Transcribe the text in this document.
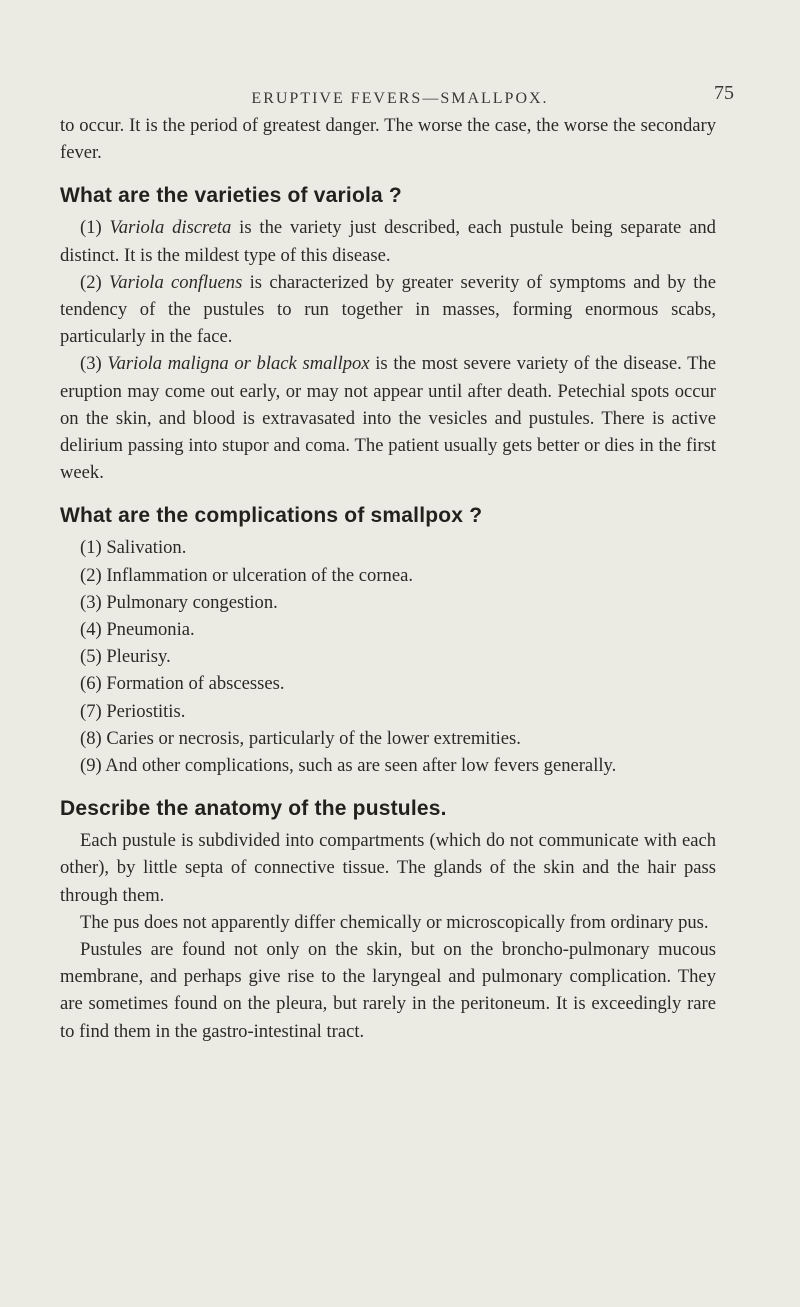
ERUPTIVE FEVERS—SMALLPOX.	75

to occur. It is the period of greatest danger. The worse the case, the worse the secondary fever.

What are the varieties of variola ?

(1) Variola discreta is the variety just described, each pustule being separate and distinct. It is the mildest type of this disease.

(2) Variola confluens is characterized by greater severity of symptoms and by the tendency of the pustules to run together in masses, forming enormous scabs, particularly in the face.

(3) Variola maligna or black smallpox is the most severe variety of the disease. The eruption may come out early, or may not appear until after death. Petechial spots occur on the skin, and blood is extravasated into the vesicles and pustules. There is active delirium passing into stupor and coma. The patient usually gets better or dies in the first week.

What are the complications of smallpox ?

(1) Salivation.

(2) Inflammation or ulceration of the cornea.

(3) Pulmonary congestion.

(4) Pneumonia.

(5) Pleurisy.

(6) Formation of abscesses.

(7) Periostitis.

(8) Caries or necrosis, particularly of the lower extremities.

(9) And other complications, such as are seen after low fevers generally.

Describe the anatomy of the pustules.

Each pustule is subdivided into compartments (which do not communicate with each other), by little septa of connective tissue. The glands of the skin and the hair pass through them.

The pus does not apparently differ chemically or microscopically from ordinary pus.

Pustules are found not only on the skin, but on the broncho-pulmonary mucous membrane, and perhaps give rise to the laryngeal and pulmonary complication. They are sometimes found on the pleura, but rarely in the peritoneum. It is exceedingly rare to find them in the gastro-intestinal tract.
